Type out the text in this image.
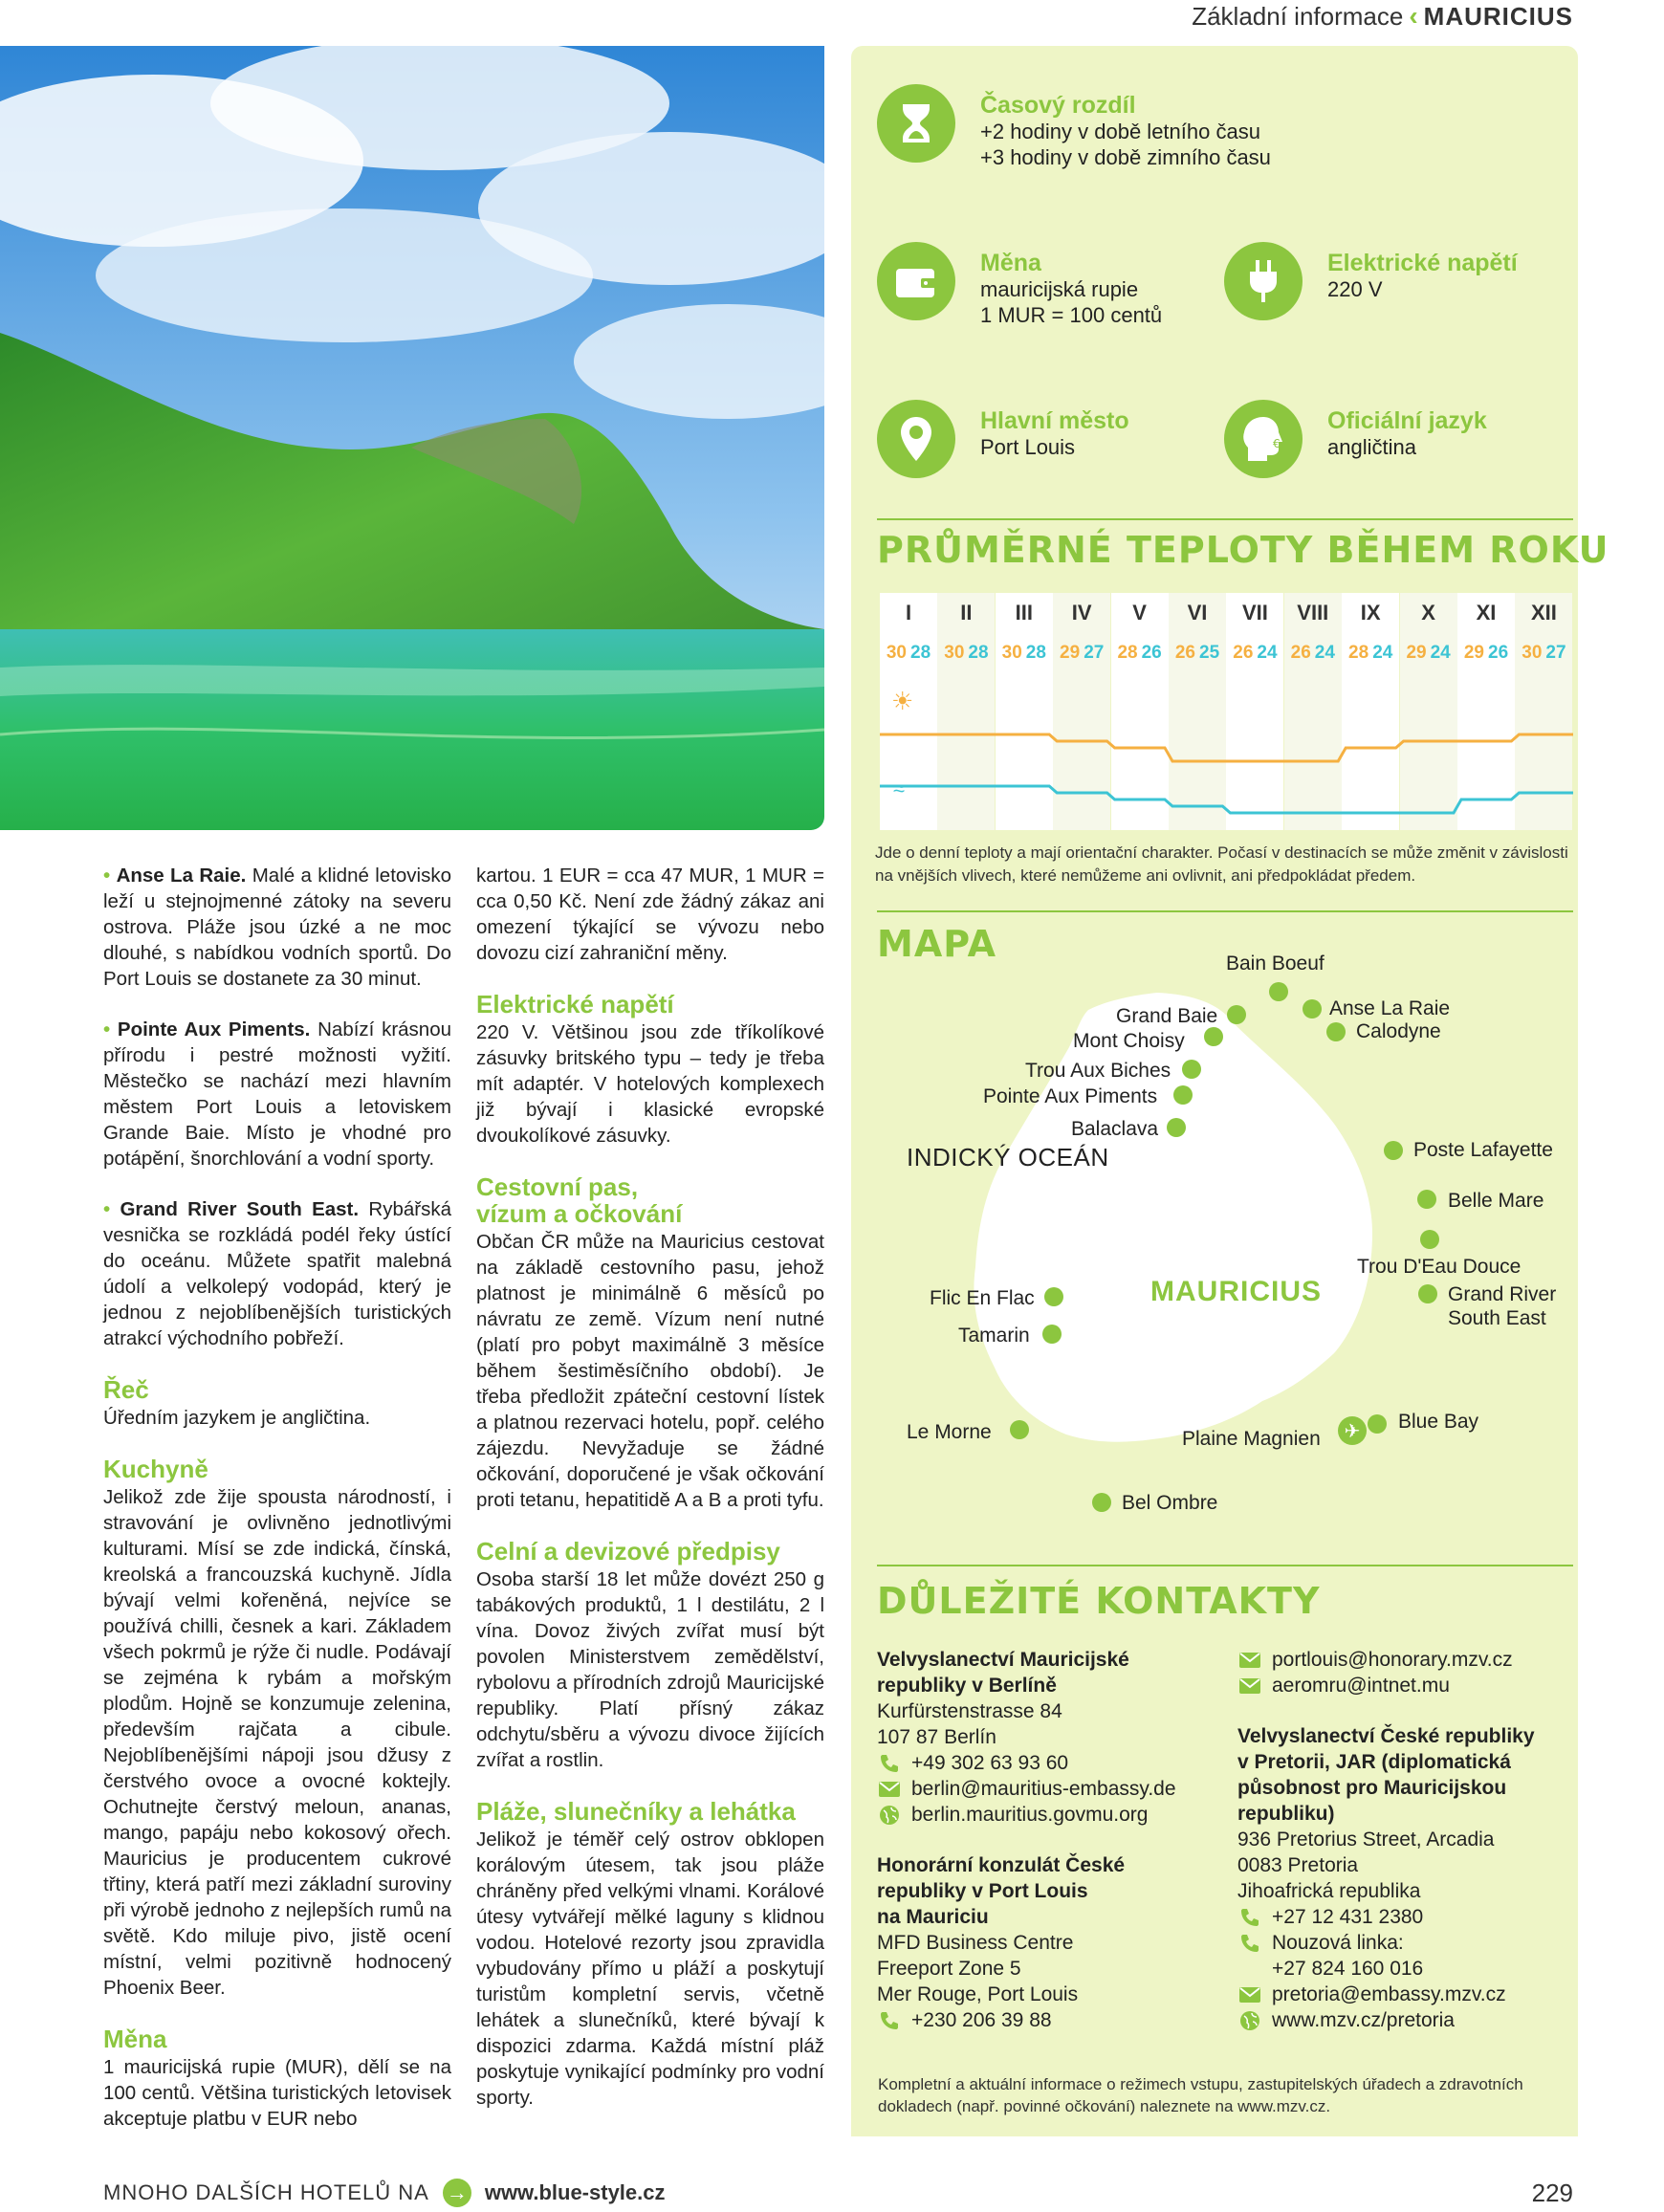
Základní informace ‹ MAURICIUS
Časový rozdíl
+2 hodiny v době letního času
+3 hodiny v době zimního času
Měna
mauricijská rupie
1 MUR = 100 centů
Elektrické napětí
220 V
Hlavní město
Port Louis	€
Oficiální jazyk
angličtina
PRŮMĚRNÉ TEPLOTY BĚHEM ROKU
I
30 28
II
30 28
III
30 28
IV
29 27
V
28 26
VI
26 25
VII
26 24
VIII
26 24
IX
28 24
X
29 24
XI
29 26
XII
30 27
☀
≈
Jde o denní teploty a mají orientační charakter. Počasí v destinacích se může změnit v závislosti na vnějších vlivech, které nemůžeme ani ovlivnit, ani předpokládat předem.
MAPA	Bain Boeuf
Grand Baie	Anse La Raie
Mont Choisy	Calodyne
Trou Aux Biches
Pointe Aux Piments
Balaclava
INDICKÝ OCEÁN	Poste Lafayette
Belle Mare
Trou D'Eau Douce
Grand River
South East
MAURICIUS
Flic En Flac
Tamarin
Le Morne	Plaine Magnien	✈	Blue Bay
Bel Ombre
DŮLEŽITÉ KONTAKTY
Velvyslanectví Mauricijské
republiky v Berlíně
Kurfürstenstrasse 84
107 87 Berlín
+49 302 63 93 60
berlin@mauritius-embassy.de
berlin.mauritius.govmu.org
Honorární konzulát České
republiky v Port Louis
na Mauriciu
MFD Business Centre
Freeport Zone 5
Mer Rouge, Port Louis
+230 206 39 88
portlouis@honorary.mzv.cz
aeromru@intnet.mu
Velvyslanectví České republiky
v Pretorii, JAR (diplomatická
působnost pro Mauricijskou
republiku)
936 Pretorius Street, Arcadia
0083 Pretoria
Jihoafrická republika
+27 12 431 2380
Nouzová linka:
+27 824 160 016
pretoria@embassy.mzv.cz
www.mzv.cz/pretoria
Kompletní a aktuální informace o režimech vstupu, zastupitelských úřadech a zdravotních dokladech (např. povinné očkování) naleznete na www.mzv.cz.

• Anse La Raie. Malé a klidné letovisko leží u stejnojmenné zátoky na severu ostrova. Pláže jsou úzké a ne moc dlouhé, s nabídkou vodních sportů. Do Port Louis se dostanete za 30 minut.

• Pointe Aux Piments. Nabízí krásnou přírodu i pestré možnosti vyžití. Městečko se nachází mezi hlavním městem Port Louis a letoviskem Grande Baie. Místo je vhodné pro potápění, šnorchlování a vodní sporty.

• Grand River South East. Rybářská vesnička se rozkládá podél řeky ústící do oceánu. Můžete spatřit malebná údolí a velkolepý vodopád, který je jednou z nejoblíbenějších turistických atrakcí východního pobřeží.

Řeč

Úředním jazykem je angličtina.

Kuchyně

Jelikož zde žije spousta národností, i stravování je ovlivněno jednotlivými kulturami. Mísí se zde indická, čínská, kreolská a francouzská kuchyně. Jídla bývají velmi kořeněná, nejvíce se používá chilli, česnek a kari. Základem všech pokrmů je rýže či nudle. Podávají se zejména k rybám a mořským plodům. Hojně se konzumuje zelenina, především rajčata a cibule. Nejoblíbenějšími nápoji jsou džusy z čerstvého ovoce a ovocné koktejly. Ochutnejte čerstvý meloun, ananas, mango, papáju nebo kokosový ořech. Mauricius je producentem cukrové třtiny, která patří mezi základní suroviny při výrobě jednoho z nejlepších rumů na světě. Kdo miluje pivo, jistě ocení místní, velmi pozitivně hodnocený Phoenix Beer.

Měna

1 mauricijská rupie (MUR), dělí se na 100 centů. Většina turistických letovisek akceptuje platbu v EUR nebo

kartou. 1 EUR = cca 47 MUR, 1 MUR = cca 0,50 Kč. Není zde žádný zákaz ani omezení týkající se vývozu nebo dovozu cizí zahraniční měny.

Elektrické napětí

220 V. Většinou jsou zde tříkolíkové zásuvky britského typu – tedy je třeba mít adaptér. V hotelových komplexech již bývají i klasické evropské dvoukolíkové zásuvky.

Cestovní pas,
vízum a očkování

Občan ČR může na Mauricius cestovat na základě cestovního pasu, jehož platnost je minimálně 6 měsíců po návratu ze země. Vízum není nutné (platí pro pobyt maximálně 3 měsíce během šestiměsíčního období). Je třeba předložit zpáteční cestovní lístek a platnou rezervaci hotelu, popř. celého zájezdu. Nevyžaduje se žádné očkování, doporučené je však očkování proti tetanu, hepatitidě A a B a proti tyfu.

Celní a devizové předpisy

Osoba starší 18 let může dovézt 250 g tabákových produktů, 1 l destilátu, 2 l vína. Dovoz živých zvířat musí být povolen Ministerstvem zemědělství, rybolovu a přírodních zdrojů Mauricijské republiky. Platí přísný zákaz odchytu/sběru a vývozu divoce žijících zvířat a rostlin.

Pláže, slunečníky a lehátka

Jelikož je téměř celý ostrov obklopen korálovým útesem, tak jsou pláže chráněny před velkými vlnami. Korálové útesy vytvářejí mělké laguny s klidnou vodou. Hotelové rezorty jsou zpravidla vybudovány přímo u pláží a poskytují turistům kompletní servis, včetně lehátek a slunečníků, které bývají k dispozici zdarma. Každá místní pláž poskytuje vynikající podmínky pro vodní sporty.

MNOHO DALŠÍCH HOTELŮ NA → www.blue-style.cz	229
